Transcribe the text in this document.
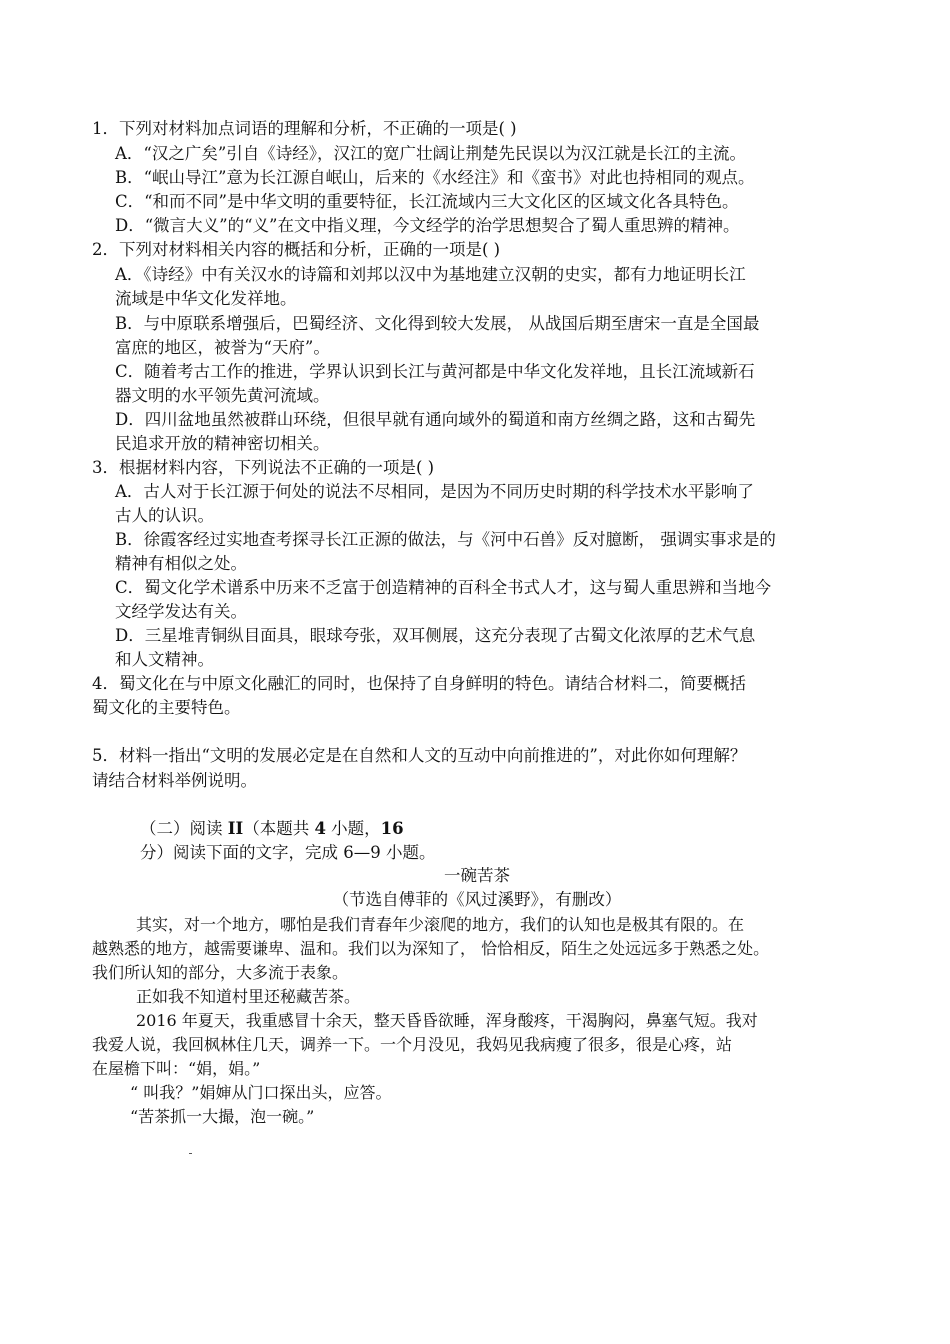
1．下列对材料加点词语的理解和分析，不正确的一项是( )
A．“汉之广矣”引自《诗经》，汉江的宽广壮阔让荆楚先民误以为汉江就是长江的主流。
B．“岷山导江”意为长江源自岷山，后来的《水经注》和《蛮书》对此也持相同的观点。
C．“和而不同”是中华文明的重要特征，长江流域内三大文化区的区域文化各具特色。
D．“微言大义”的“义”在文中指义理，今文经学的治学思想契合了蜀人重思辨的精神。
2．下列对材料相关内容的概括和分析，正确的一项是( )
A．《诗经》中有关汉水的诗篇和刘邦以汉中为基地建立汉朝的史实，都有力地证明长江
流域是中华文化发祥地。
B．与中原联系增强后，巴蜀经济、文化得到较大发展， 从战国后期至唐宋一直是全国最
富庶的地区，被誉为“天府”。
C．随着考古工作的推进，学界认识到长江与黄河都是中华文化发祥地，且长江流域新石
器文明的水平领先黄河流域。
D．四川盆地虽然被群山环绕，但很早就有通向域外的蜀道和南方丝绸之路，这和古蜀先
民追求开放的精神密切相关。
3．根据材料内容，下列说法不正确的一项是( )
A．古人对于长江源于何处的说法不尽相同，是因为不同历史时期的科学技术水平影响了
古人的认识。
B．徐霞客经过实地查考探寻长江正源的做法，与《河中石兽》反对臆断， 强调实事求是的
精神有相似之处。
C．蜀文化学术谱系中历来不乏富于创造精神的百科全书式人才，这与蜀人重思辨和当地今
文经学发达有关。
D．三星堆青铜纵目面具，眼球夸张，双耳侧展，这充分表现了古蜀文化浓厚的艺术气息
和人文精神。
4．蜀文化在与中原文化融汇的同时，也保持了自身鲜明的特色。请结合材料二，简要概括
蜀文化的主要特色。
5．材料一指出“文明的发展必定是在自然和人文的互动中向前推进的”，对此你如何理解？
请结合材料举例说明。
（二）阅读 II（本题共 4 小题，16
分）阅读下面的文字，完成 6—9 小题。
一碗苦茶
（节选自傅菲的《风过溪野》，有删改）
其实，对一个地方，哪怕是我们青春年少滚爬的地方，我们的认知也是极其有限的。在
越熟悉的地方，越需要谦卑、温和。我们以为深知了， 恰恰相反，陌生之处远远多于熟悉之处。
我们所认知的部分，大多流于表象。
正如我不知道村里还秘藏苦茶。
2016 年夏天，我重感冒十余天，整天昏昏欲睡，浑身酸疼，干渴胸闷，鼻塞气短。我对
我爱人说，我回枫林住几天，调养一下。一个月没见，我妈见我病瘦了很多，很是心疼，站
在屋檐下叫：“娟，娟。”
“ 叫我？”娟婶从门口探出头，应答。
“苦茶抓一大撮，泡一碗。”
